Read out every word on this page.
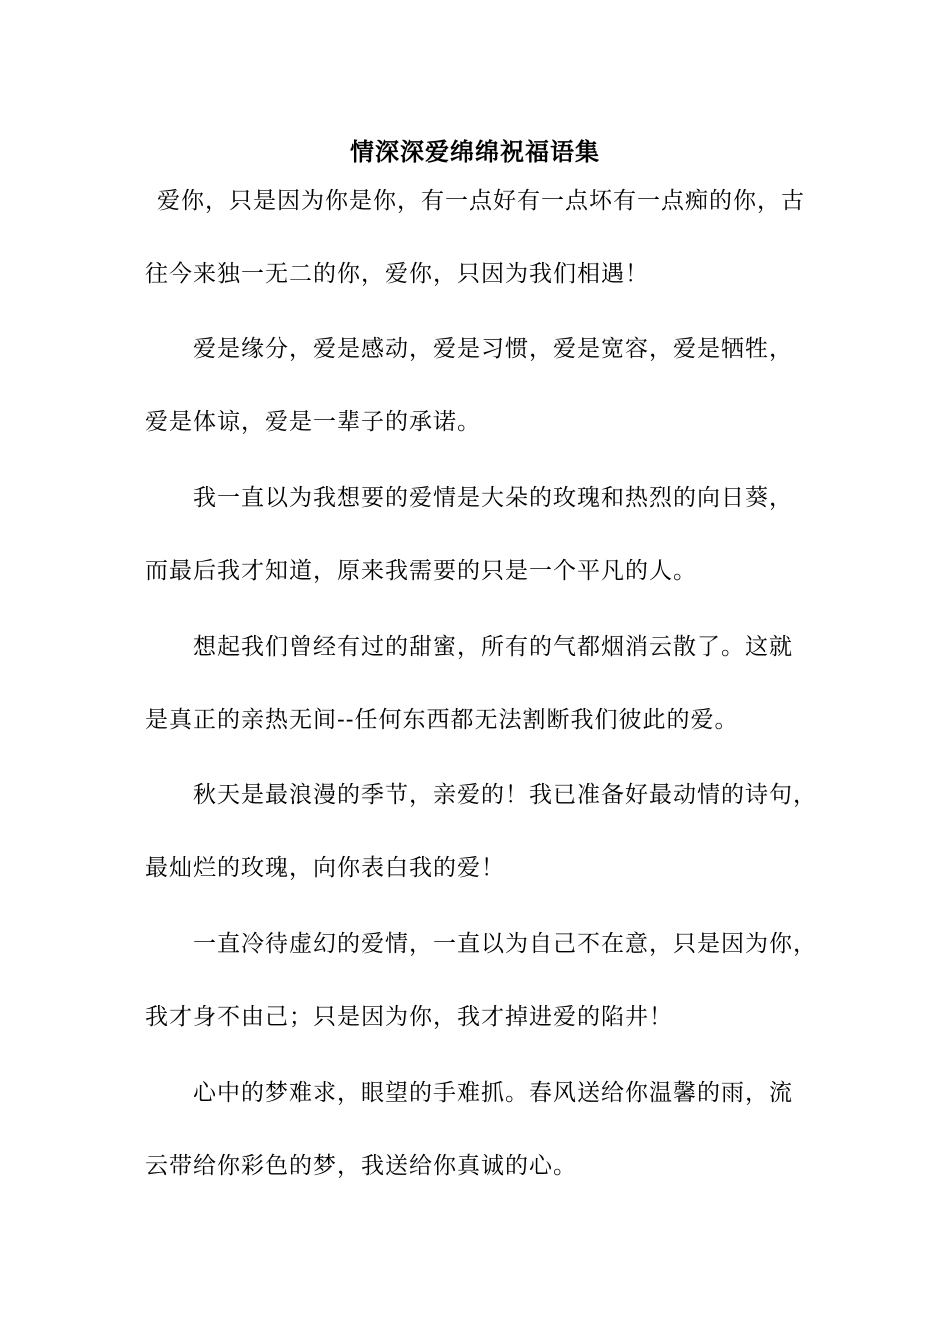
情深深爱绵绵祝福语集
爱你，只是因为你是你，有一点好有一点坏有一点痴的你，古
往今来独一无二的你，爱你，只因为我们相遇！
爱是缘分，爱是感动，爱是习惯，爱是宽容，爱是牺牲，
爱是体谅，爱是一辈子的承诺。
我一直以为我想要的爱情是大朵的玫瑰和热烈的向日葵，
而最后我才知道，原来我需要的只是一个平凡的人。
想起我们曾经有过的甜蜜，所有的气都烟消云散了。这就
是真正的亲热无间--任何东西都无法割断我们彼此的爱。
秋天是最浪漫的季节，亲爱的！我已准备好最动情的诗句，
最灿烂的玫瑰，向你表白我的爱！
一直冷待虚幻的爱情，一直以为自己不在意，只是因为你，
我才身不由己；只是因为你，我才掉进爱的陷井！
心中的梦难求，眼望的手难抓。春风送给你温馨的雨，流
云带给你彩色的梦，我送给你真诚的心。
